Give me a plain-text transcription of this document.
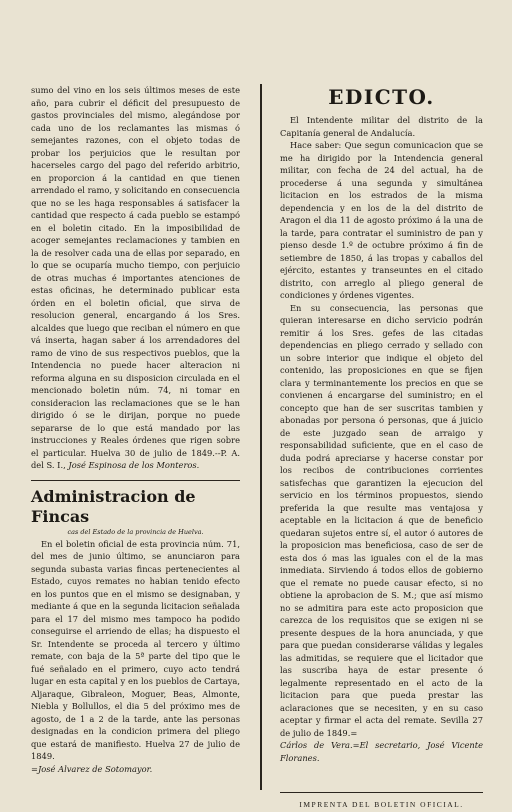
sumo del vino en los seis últimos meses de este año, para cubrir el déficit del presupuesto de gastos provinciales del mismo, alegándose por cada uno de los reclamantes las mismas ó semejantes razones, con el objeto todas de probar los perjuicios que le resultan por hacerseles cargo del pago del referido arbitrio, en proporcion á la cantidad en que tienen arrendado el ramo, y solicitando en consecuencia que no se les haga responsables á satisfacer la cantidad que respecto á cada pueblo se estampó en el boletin citado. En la imposibilidad de acoger semejantes reclamaciones y tambien en la de resolver cada una de ellas por separado, en lo que se ocuparía mucho tiempo, con perjuicio de otras muchas é importantes atenciones de estas oficinas, he determinado publicar esta órden en el boletin oficial, que sirva de resolucion general, encargando á los Sres. alcaldes que luego que reciban el número en que vá inserta, hagan saber á los arrendadores del ramo de vino de sus respectivos pueblos, que la Intendencia no puede hacer alteracion ni reforma alguna en su disposicion circulada en el mencionado boletin núm. 74, ni tomar en consideracion las reclamaciones que se le han dirigido ó se le dirijan, porque no puede separarse de lo que está mandado por las instrucciones y Reales órdenes que rigen sobre el particular. Huelva 30 de julio de 1849.--P. A. del S. I., José Espinosa de los Monteros.

Administracion de Fincas
cas del Estado de la provincia de Huelva.

En el boletin oficial de esta provincia núm. 71, del mes de junio último, se anunciaron para segunda subasta varias fincas pertenecientes al Estado, cuyos remates no habian tenido efecto en los puntos que en el mismo se designaban, y mediante á que en la segunda licitacion señalada para el 17 del mismo mes tampoco ha podido conseguirse el arriendo de ellas; ha dispuesto el Sr. Intendente se proceda al tercero y último remate, con baja de la 5ª parte del tipo que le fué señalado en el primero, cuyo acto tendrá lugar en esta capital y en los pueblos de Cartaya, Aljaraque, Gibraleon, Moguer, Beas, Almonte, Niebla y Bollullos, el dia 5 del próximo mes de agosto, de 1 a 2 de la tarde, ante las personas designadas en la condicion primera del pliego que estará de manifiesto. Huelva 27 de julio de 1849.

=José Alvarez de Sotomayor.

EDICTO.

El Intendente militar del distrito de la Capitanía general de Andalucía.

Hace saber: Que segun comunicacion que se me ha dirigido por la Intendencia general militar, con fecha de 24 del actual, ha de procederse á una segunda y simultánea licitacion en los estrados de la misma dependencia y en los de la del distrito de Aragon el dia 11 de agosto próximo á la una de la tarde, para contratar el suministro de pan y pienso desde 1.º de octubre próximo á fin de setiembre de 1850, á las tropas y caballos del ejército, estantes y transeuntes en el citado distrito, con arreglo al pliego general de condiciones y órdenes vigentes.

En su consecuencia, las personas que quieran interesarse en dicho servicio podrán remitir á los Sres. gefes de las citadas dependencias en pliego cerrado y sellado con un sobre interior que indique el objeto del contenido, las proposiciones en que se fijen clara y terminantemente los precios en que se convienen á encargarse del suministro; en el concepto que han de ser suscritas tambien y abonadas por persona ó personas, que á juicio de este juzgado sean de arraigo y responsabilidad suficiente, que en el caso de duda podrá apreciarse y hacerse constar por los recibos de contribuciones corrientes satisfechas que garantizen la ejecucion del servicio en los términos propuestos, siendo preferida la que resulte mas ventajosa y aceptable en la licitacion á que de beneficio quedaran sujetos entre sí, el autor ó autores de la proposicion mas beneficiosa, caso de ser de esta dos ó mas las iguales con el de la mas inmediata. Sirviendo á todos ellos de gobierno que el remate no puede causar efecto, si no obtiene la aprobacion de S. M.; que así mismo no se admitira para este acto proposicion que carezca de los requisitos que se exigen ni se presente despues de la hora anunciada, y que para que puedan considerarse válidas y legales las admitidas, se requiere que el licitador que las suscriba haya de estar presente ó legalmente representado en el acto de la licitacion para que pueda prestar las aclaraciones que se necesiten, y en su caso aceptar y firmar el acta del remate. Sevilla 27 de julio de 1849.=

Cárlos de Vera.=El secretario, José Vicente Floranes.

IMPRENTA DEL BOLETIN OFICIAL.
